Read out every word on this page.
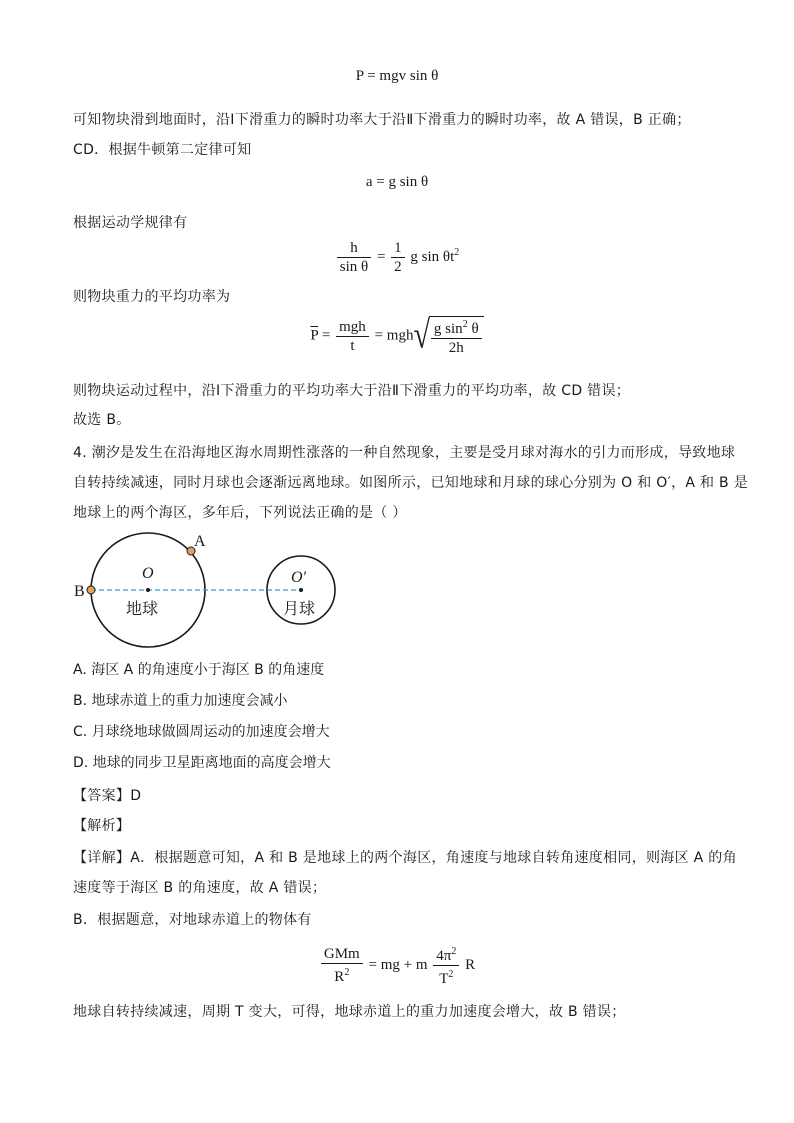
P = mgv sin θ
可知物块滑到地面时，沿Ⅰ下滑重力的瞬时功率大于沿Ⅱ下滑重力的瞬时功率，故 A 错误，B 正确；
CD．根据牛顿第二定律可知
a = g sin θ
根据运动学规律有
$\frac{h}{\text{sin θ}} = \frac{1}{2}$ g $\sin \theta t^2$
则物块重力的平均功率为
$\overline{P} = \frac{\text{mgh}}{t} = mgh√ \frac{g \sin^2 \theta}{2h}$
则物块运动过程中，沿Ⅰ下滑重力的平均功率大于沿Ⅱ下滑重力的平均功率，故 CD 错误；
故选 B。
4. 潮汐是发生在沿海地区海水周期性涨落的一种自然现象，主要是受月球对海水的引力而形成，导致地球
自转持续减速，同时月球也会逐渐远离地球。如图所示，已知地球和月球的球心分别为 O 和 O′，A 和 B 是
地球上的两个海区，多年后，下列说法正确的是（ ）
A
B
O	O′
地球	月球
A. 海区 A 的角速度小于海区 B 的角速度
B. 地球赤道上的重力加速度会减小
C. 月球绕地球做圆周运动的加速度会增大
D. 地球的同步卫星距离地面的高度会增大
【答案】D
【解析】
【详解】A．根据题意可知，A 和 B 是地球上的两个海区，角速度与地球自转角速度相同，则海区 A 的角
速度等于海区 B 的角速度，故 A 错误；
B．根据题意，对地球赤道上的物体有
$\frac{\text{GMm}}{R^2}$ = mg + m $\frac{4\pi^2}{T^2}$ R
地球自转持续减速，周期 T 变大，可得，地球赤道上的重力加速度会增大，故 B 错误；
